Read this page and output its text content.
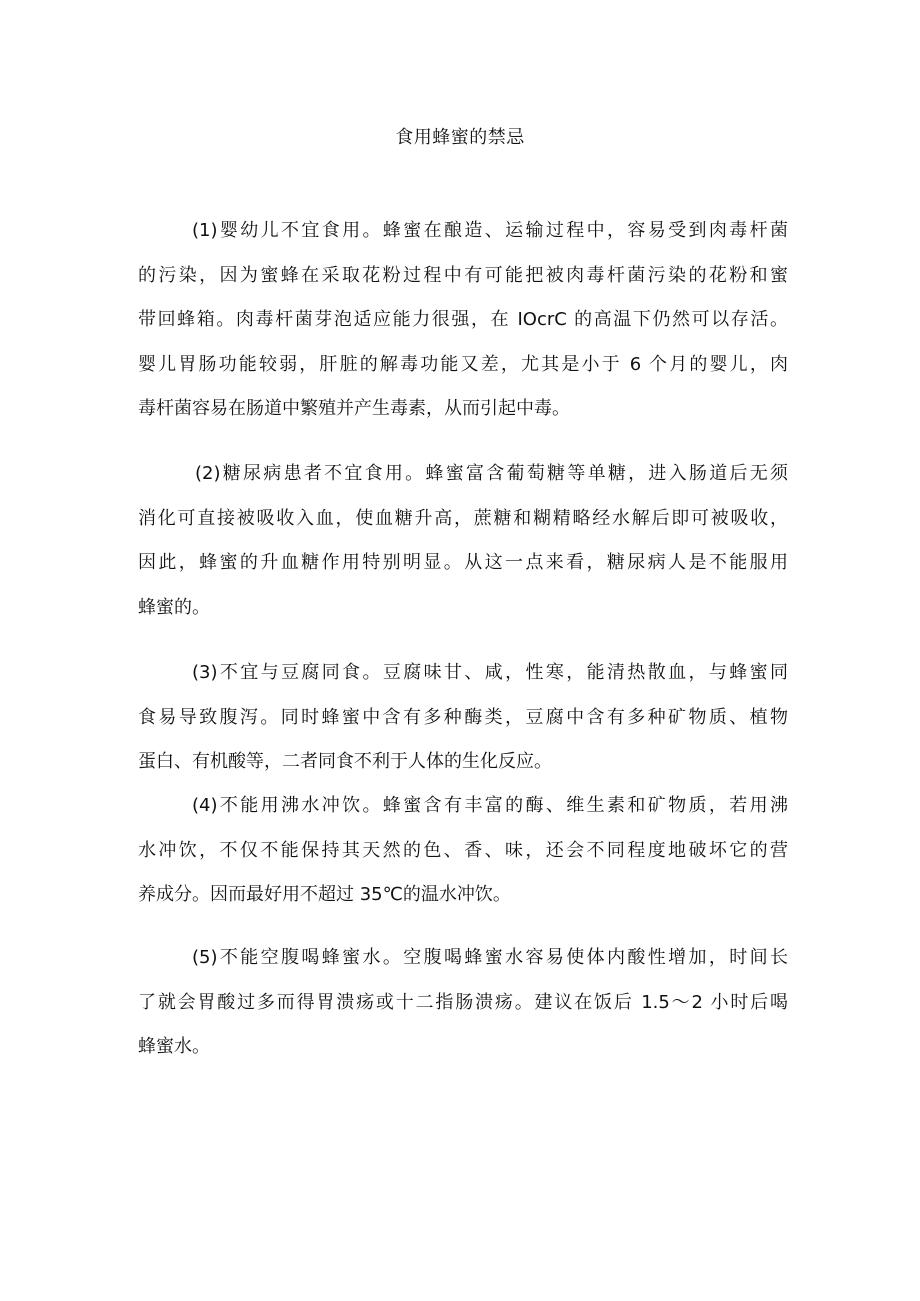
食用蜂蜜的禁忌
(1)婴幼儿不宜食用。蜂蜜在酿造、运输过程中，容易受到肉毒杆菌
的污染，因为蜜蜂在采取花粉过程中有可能把被肉毒杆菌污染的花粉和蜜
带回蜂箱。肉毒杆菌芽泡适应能力很强，在 IOcrC 的高温下仍然可以存活。
婴儿胃肠功能较弱，肝脏的解毒功能又差，尤其是小于 6 个月的婴儿，肉
毒杆菌容易在肠道中繁殖并产生毒素，从而引起中毒。
(2)糖尿病患者不宜食用。蜂蜜富含葡萄糖等单糖，进入肠道后无须
消化可直接被吸收入血，使血糖升高，蔗糖和糊精略经水解后即可被吸收，
因此，蜂蜜的升血糖作用特别明显。从这一点来看，糖尿病人是不能服用
蜂蜜的。
(3)不宜与豆腐同食。豆腐味甘、咸，性寒，能清热散血，与蜂蜜同
食易导致腹泻。同时蜂蜜中含有多种酶类，豆腐中含有多种矿物质、植物
蛋白、有机酸等，二者同食不利于人体的生化反应。
(4)不能用沸水冲饮。蜂蜜含有丰富的酶、维生素和矿物质，若用沸
水冲饮，不仅不能保持其天然的色、香、味，还会不同程度地破坏它的营
养成分。因而最好用不超过 35℃的温水冲饮。
(5)不能空腹喝蜂蜜水。空腹喝蜂蜜水容易使体内酸性增加，时间长
了就会胃酸过多而得胃溃疡或十二指肠溃疡。建议在饭后 1.5～2 小时后喝
蜂蜜水。
